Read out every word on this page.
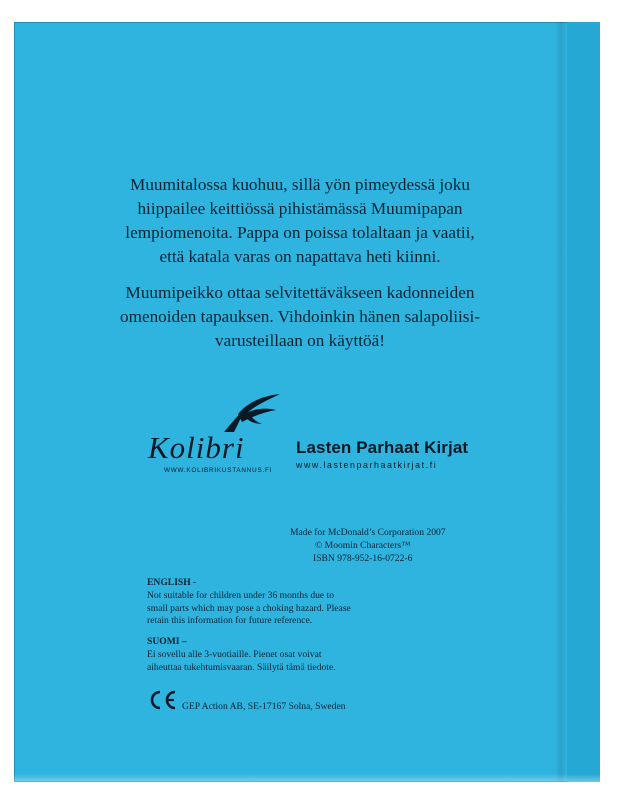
Muumitalossa kuohuu, sillä yön pimeydessä joku
hiippailee keittiössä pihistämässä Muumipapan
lempiomenoita. Pappa on poissa tolaltaan ja vaatii,
että katala varas on napattava heti kiinni.
Muumipeikko ottaa selvitettäväkseen kadonneiden
omenoiden tapauksen. Vihdoinkin hänen salapoliisi-
varusteillaan on käyttöä!
Kolibri
WWW.KOLIBRIKUSTANNUS.FI
Lasten Parhaat Kirjat
www.lastenparhaatkirjat.fi
Made for McDonald’s Corporation 2007
© Moomin Characters™
ISBN 978-952-16-0722-6
ENGLISH -
Not suitable for children under 36 months due to
small parts which may pose a choking hazard. Please
retain this information for future reference.
SUOMI –
Ei sovellu alle 3-vuotiaille. Pienet osat voivat
aiheuttaa tukehtumisvaaran. Säilytä tämä tiedote.
GEP Action AB, SE-17167 Solna, Sweden
